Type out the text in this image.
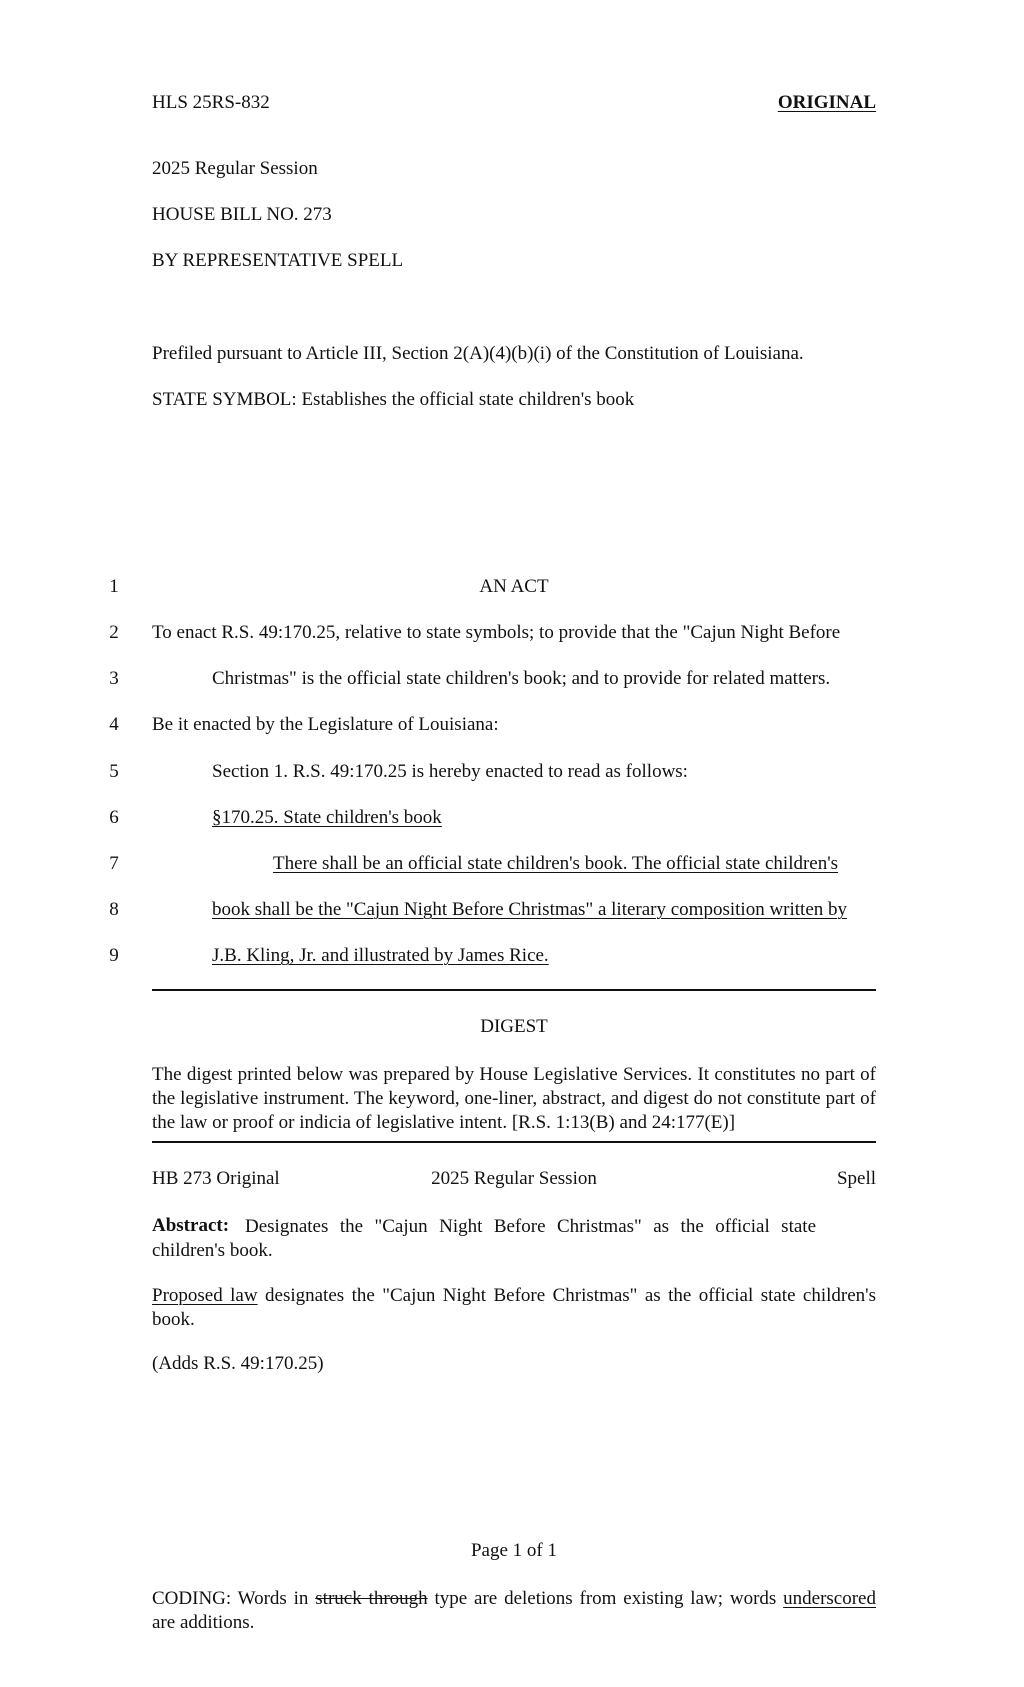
HLS 25RS-832	ORIGINAL
2025 Regular Session
HOUSE BILL NO. 273
BY REPRESENTATIVE SPELL
Prefiled pursuant to Article III, Section 2(A)(4)(b)(i) of the Constitution of Louisiana.
STATE SYMBOL: Establishes the official state children's book
1	AN ACT
2 To enact R.S. 49:170.25, relative to state symbols; to provide that the "Cajun Night Before
3	Christmas" is the official state children's book; and to provide for related matters.
4 Be it enacted by the Legislature of Louisiana:
5	Section 1. R.S. 49:170.25 is hereby enacted to read as follows:
6	§170.25. State children's book
7	There shall be an official state children's book. The official state children's
8	book shall be the "Cajun Night Before Christmas" a literary composition written by
9	J.B. Kling, Jr. and illustrated by James Rice.
DIGEST
The digest printed below was prepared by House Legislative Services. It constitutes no part of the legislative instrument. The keyword, one-liner, abstract, and digest do not constitute part of the law or proof or indicia of legislative intent. [R.S. 1:13(B) and 24:177(E)]
HB 273 Original	2025 Regular Session	Spell
Abstract: Designates the "Cajun Night Before Christmas" as the official state children's book.
Proposed law designates the "Cajun Night Before Christmas" as the official state children's book.
(Adds R.S. 49:170.25)
Page 1 of 1
CODING: Words in struck through type are deletions from existing law; words underscored are additions.
